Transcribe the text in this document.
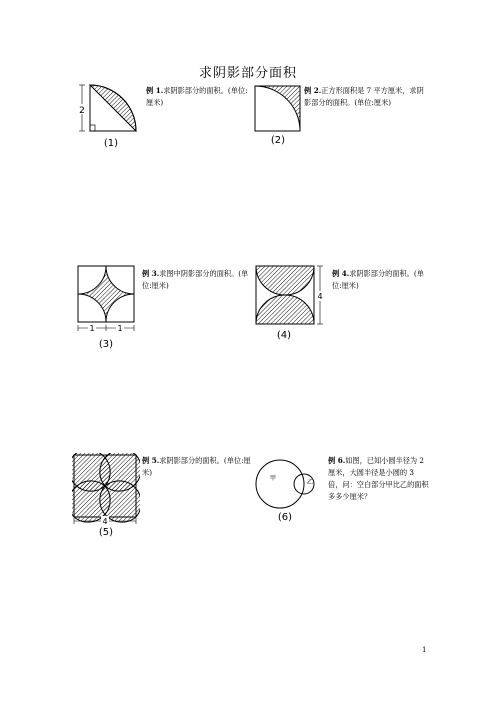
求阴影部分面积
2
(1)
例 1.求阴影部分的面积。(单位:厘米)
(2)
例 2.正方形面积是 7 平方厘米，求阴影部分的面积。(单位:厘米)
1	1
(3)
例 3.求图中阴影部分的面积。(单位:厘米)
4
(4)
例 4.求阴影部分的面积。(单位:厘米)
4
(5)
例 5.求阴影部分的面积。(单位:厘米)
甲
乙
(6)
例 6.如图，已知小圆半径为 2 厘米，大圆半径是小圆的 3 倍，问：空白部分甲比乙的面积多多少厘米？
1
